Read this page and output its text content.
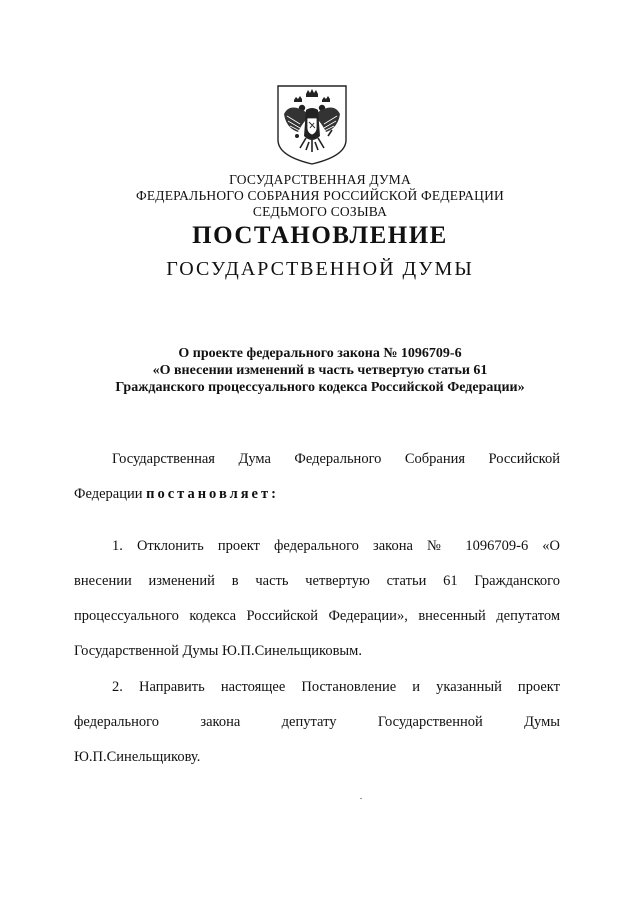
ГОСУДАРСТВЕННАЯ ДУМА
ФЕДЕРАЛЬНОГО СОБРАНИЯ РОССИЙСКОЙ ФЕДЕРАЦИИ
СЕДЬМОГО СОЗЫВА
ПОСТАНОВЛЕНИЕ
ГОСУДАРСТВЕННОЙ ДУМЫ
О проекте федерального закона № 1096709-6
«О внесении изменений в часть четвертую статьи 61
Гражданского процессуального кодекса Российской Федерации»
Государственная Дума Федерального Собрания Российской
Федерации постановляет:
1. Отклонить проект федерального закона № 1096709-6 «О
внесении изменений в часть четвертую статьи 61 Гражданского
процессуального кодекса Российской Федерации», внесенный депутатом
Государственной Думы Ю.П.Синельщиковым.
2. Направить настоящее Постановление и указанный проект
федерального закона депутату Государственной Думы
Ю.П.Синельщикову.
